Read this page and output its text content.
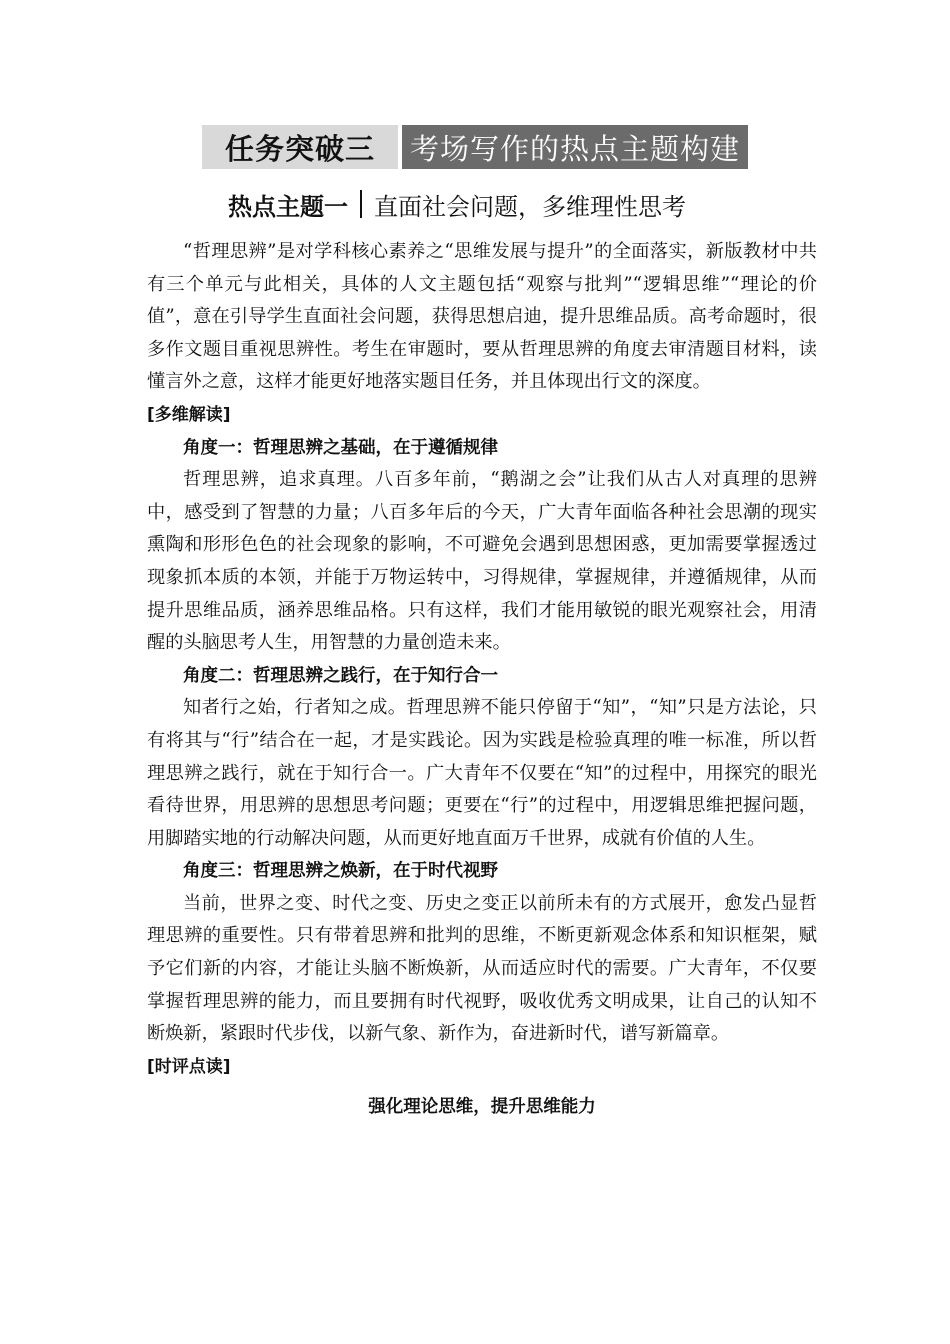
任务突破三	考场写作的热点主题构建
热点主题一 直面社会问题，多维理性思考

“哲理思辨”是对学科核心素养之“思维发展与提升”的全面落实，新版教材中共有三个单元与此相关，具体的人文主题包括“观察与批判”“逻辑思维”“理论的价值”，意在引导学生直面社会问题，获得思想启迪，提升思维品质。高考命题时，很多作文题目重视思辨性。考生在审题时，要从哲理思辨的角度去审清题目材料，读懂言外之意，这样才能更好地落实题目任务，并且体现出行文的深度。

[多维解读]

角度一：哲理思辨之基础，在于遵循规律

哲理思辨，追求真理。八百多年前，“鹅湖之会”让我们从古人对真理的思辨中，感受到了智慧的力量；八百多年后的今天，广大青年面临各种社会思潮的现实熏陶和形形色色的社会现象的影响，不可避免会遇到思想困惑，更加需要掌握透过现象抓本质的本领，并能于万物运转中，习得规律，掌握规律，并遵循规律，从而提升思维品质，涵养思维品格。只有这样，我们才能用敏锐的眼光观察社会，用清醒的头脑思考人生，用智慧的力量创造未来。

角度二：哲理思辨之践行，在于知行合一

知者行之始，行者知之成。哲理思辨不能只停留于“知”，“知”只是方法论，只有将其与“行”结合在一起，才是实践论。因为实践是检验真理的唯一标准，所以哲理思辨之践行，就在于知行合一。广大青年不仅要在“知”的过程中，用探究的眼光看待世界，用思辨的思想思考问题；更要在“行”的过程中，用逻辑思维把握问题，用脚踏实地的行动解决问题，从而更好地直面万千世界，成就有价值的人生。

角度三：哲理思辨之焕新，在于时代视野

当前，世界之变、时代之变、历史之变正以前所未有的方式展开，愈发凸显哲理思辨的重要性。只有带着思辨和批判的思维，不断更新观念体系和知识框架，赋予它们新的内容，才能让头脑不断焕新，从而适应时代的需要。广大青年，不仅要掌握哲理思辨的能力，而且要拥有时代视野，吸收优秀文明成果，让自己的认知不断焕新，紧跟时代步伐，以新气象、新作为，奋进新时代，谱写新篇章。

[时评点读]

强化理论思维，提升思维能力
